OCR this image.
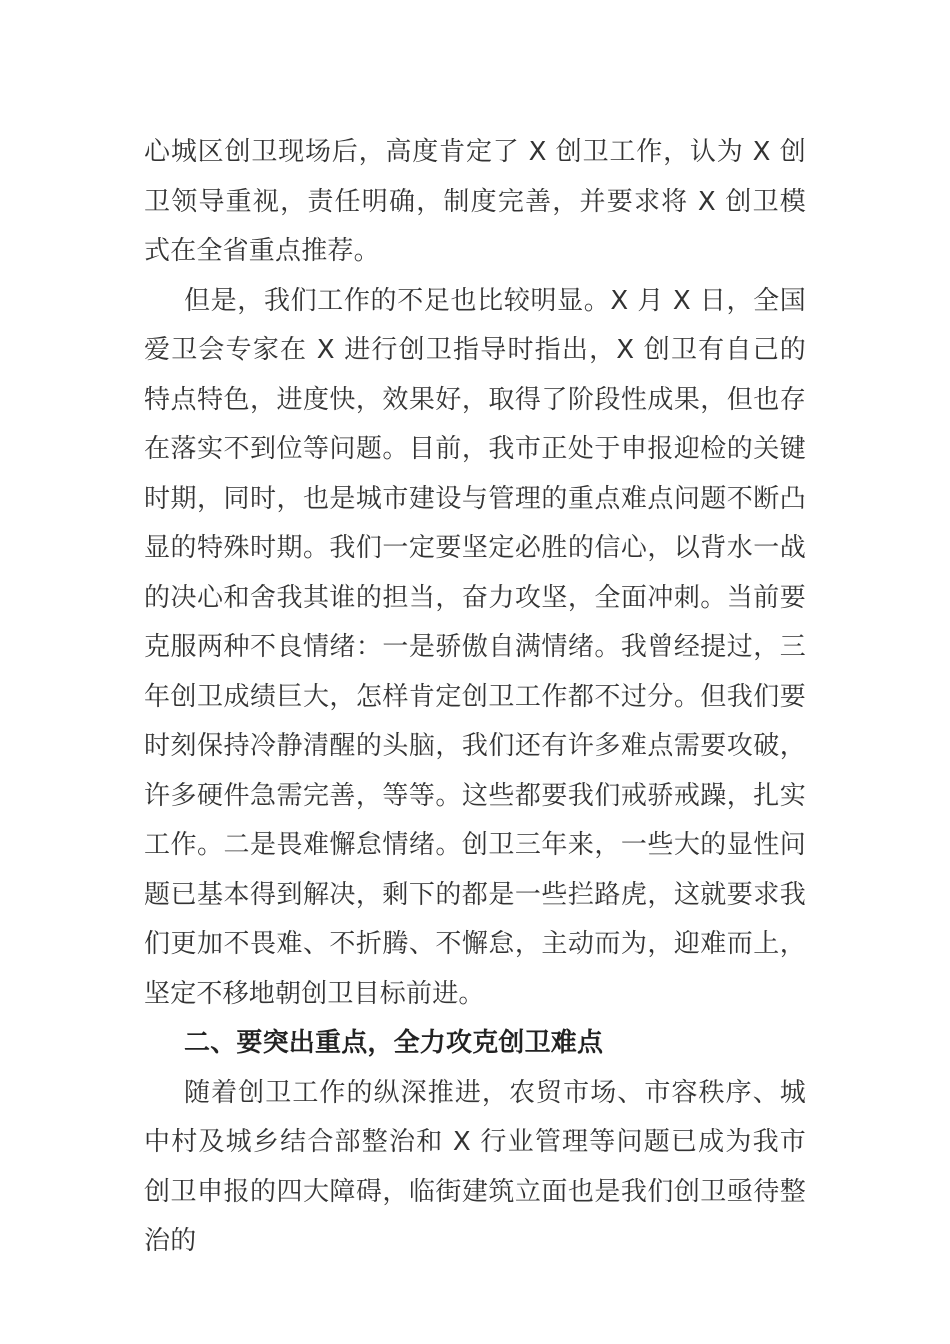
心城区创卫现场后，高度肯定了 X 创卫工作，认为 X 创卫领导重视，责任明确，制度完善，并要求将 X 创卫模式在全省重点推荐。

但是，我们工作的不足也比较明显。X 月 X 日，全国爱卫会专家在 X 进行创卫指导时指出，X 创卫有自己的特点特色，进度快，效果好，取得了阶段性成果，但也存在落实不到位等问题。目前，我市正处于申报迎检的关键时期，同时，也是城市建设与管理的重点难点问题不断凸显的特殊时期。我们一定要坚定必胜的信心，以背水一战的决心和舍我其谁的担当，奋力攻坚，全面冲刺。当前要克服两种不良情绪：一是骄傲自满情绪。我曾经提过，三年创卫成绩巨大，怎样肯定创卫工作都不过分。但我们要时刻保持冷静清醒的头脑，我们还有许多难点需要攻破，许多硬件急需完善，等等。这些都要我们戒骄戒躁，扎实工作。二是畏难懈怠情绪。创卫三年来，一些大的显性问题已基本得到解决，剩下的都是一些拦路虎，这就要求我们更加不畏难、不折腾、不懈怠，主动而为，迎难而上，坚定不移地朝创卫目标前进。

二、要突出重点，全力攻克创卫难点

随着创卫工作的纵深推进，农贸市场、市容秩序、城中村及城乡结合部整治和 X 行业管理等问题已成为我市创卫申报的四大障碍，临街建筑立面也是我们创卫亟待整治的
